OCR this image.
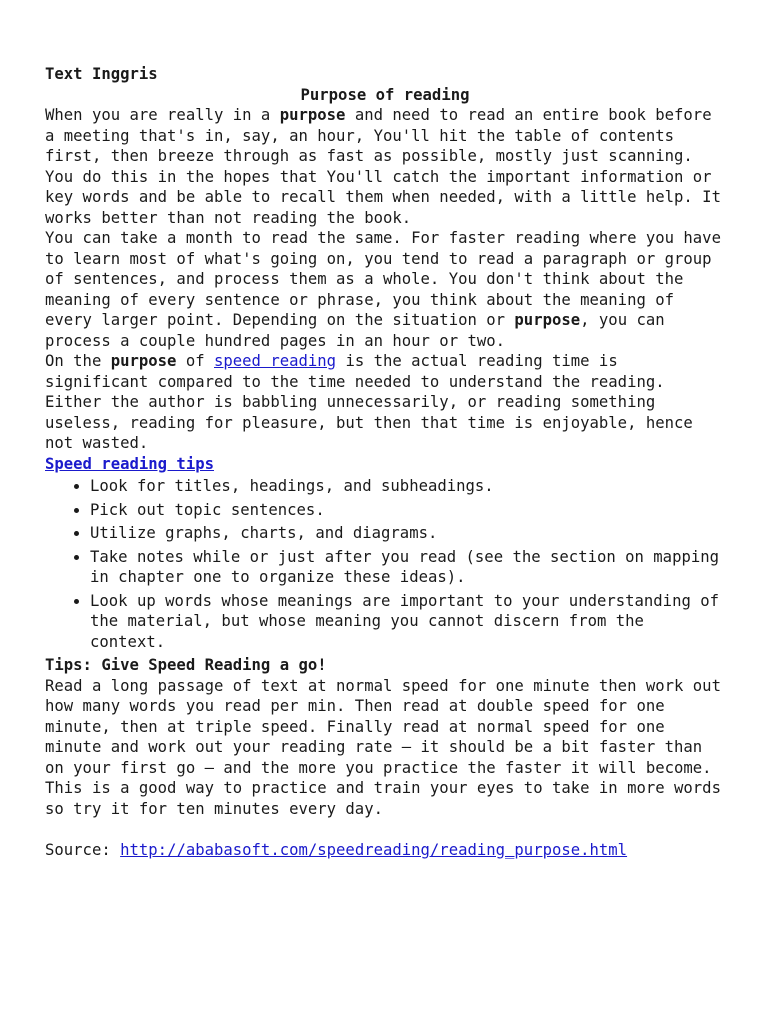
Text Inggris
Purpose of reading

When you are really in a purpose and need to read an entire book before a meeting that's in, say, an hour, You'll hit the table of contents first, then breeze through as fast as possible, mostly just scanning. You do this in the hopes that You'll catch the important information or key words and be able to recall them when needed, with a little help. It works better than not reading the book.

You can take a month to read the same. For faster reading where you have to learn most of what's going on, you tend to read a paragraph or group of sentences, and process them as a whole. You don't think about the meaning of every sentence or phrase, you think about the meaning of every larger point. Depending on the situation or purpose, you can process a couple hundred pages in an hour or two.

On the purpose of speed reading is the actual reading time is significant compared to the time needed to understand the reading. Either the author is babbling unnecessarily, or reading something useless, reading for pleasure, but then that time is enjoyable, hence not wasted.

Speed reading tips
• Look for titles, headings, and subheadings.
• Pick out topic sentences.
• Utilize graphs, charts, and diagrams.
• Take notes while or just after you read (see the section on mapping in chapter one to organize these ideas).
• Look up words whose meanings are important to your understanding of the material, but whose meaning you cannot discern from the context.
Tips: Give Speed Reading a go!

Read a long passage of text at normal speed for one minute then work out how many words you read per min. Then read at double speed for one minute, then at triple speed. Finally read at normal speed for one minute and work out your reading rate – it should be a bit faster than on your first go – and the more you practice the faster it will become.

This is a good way to practice and train your eyes to take in more words so try it for ten minutes every day.

Source: http://ababasoft.com/speedreading/reading_purpose.html
